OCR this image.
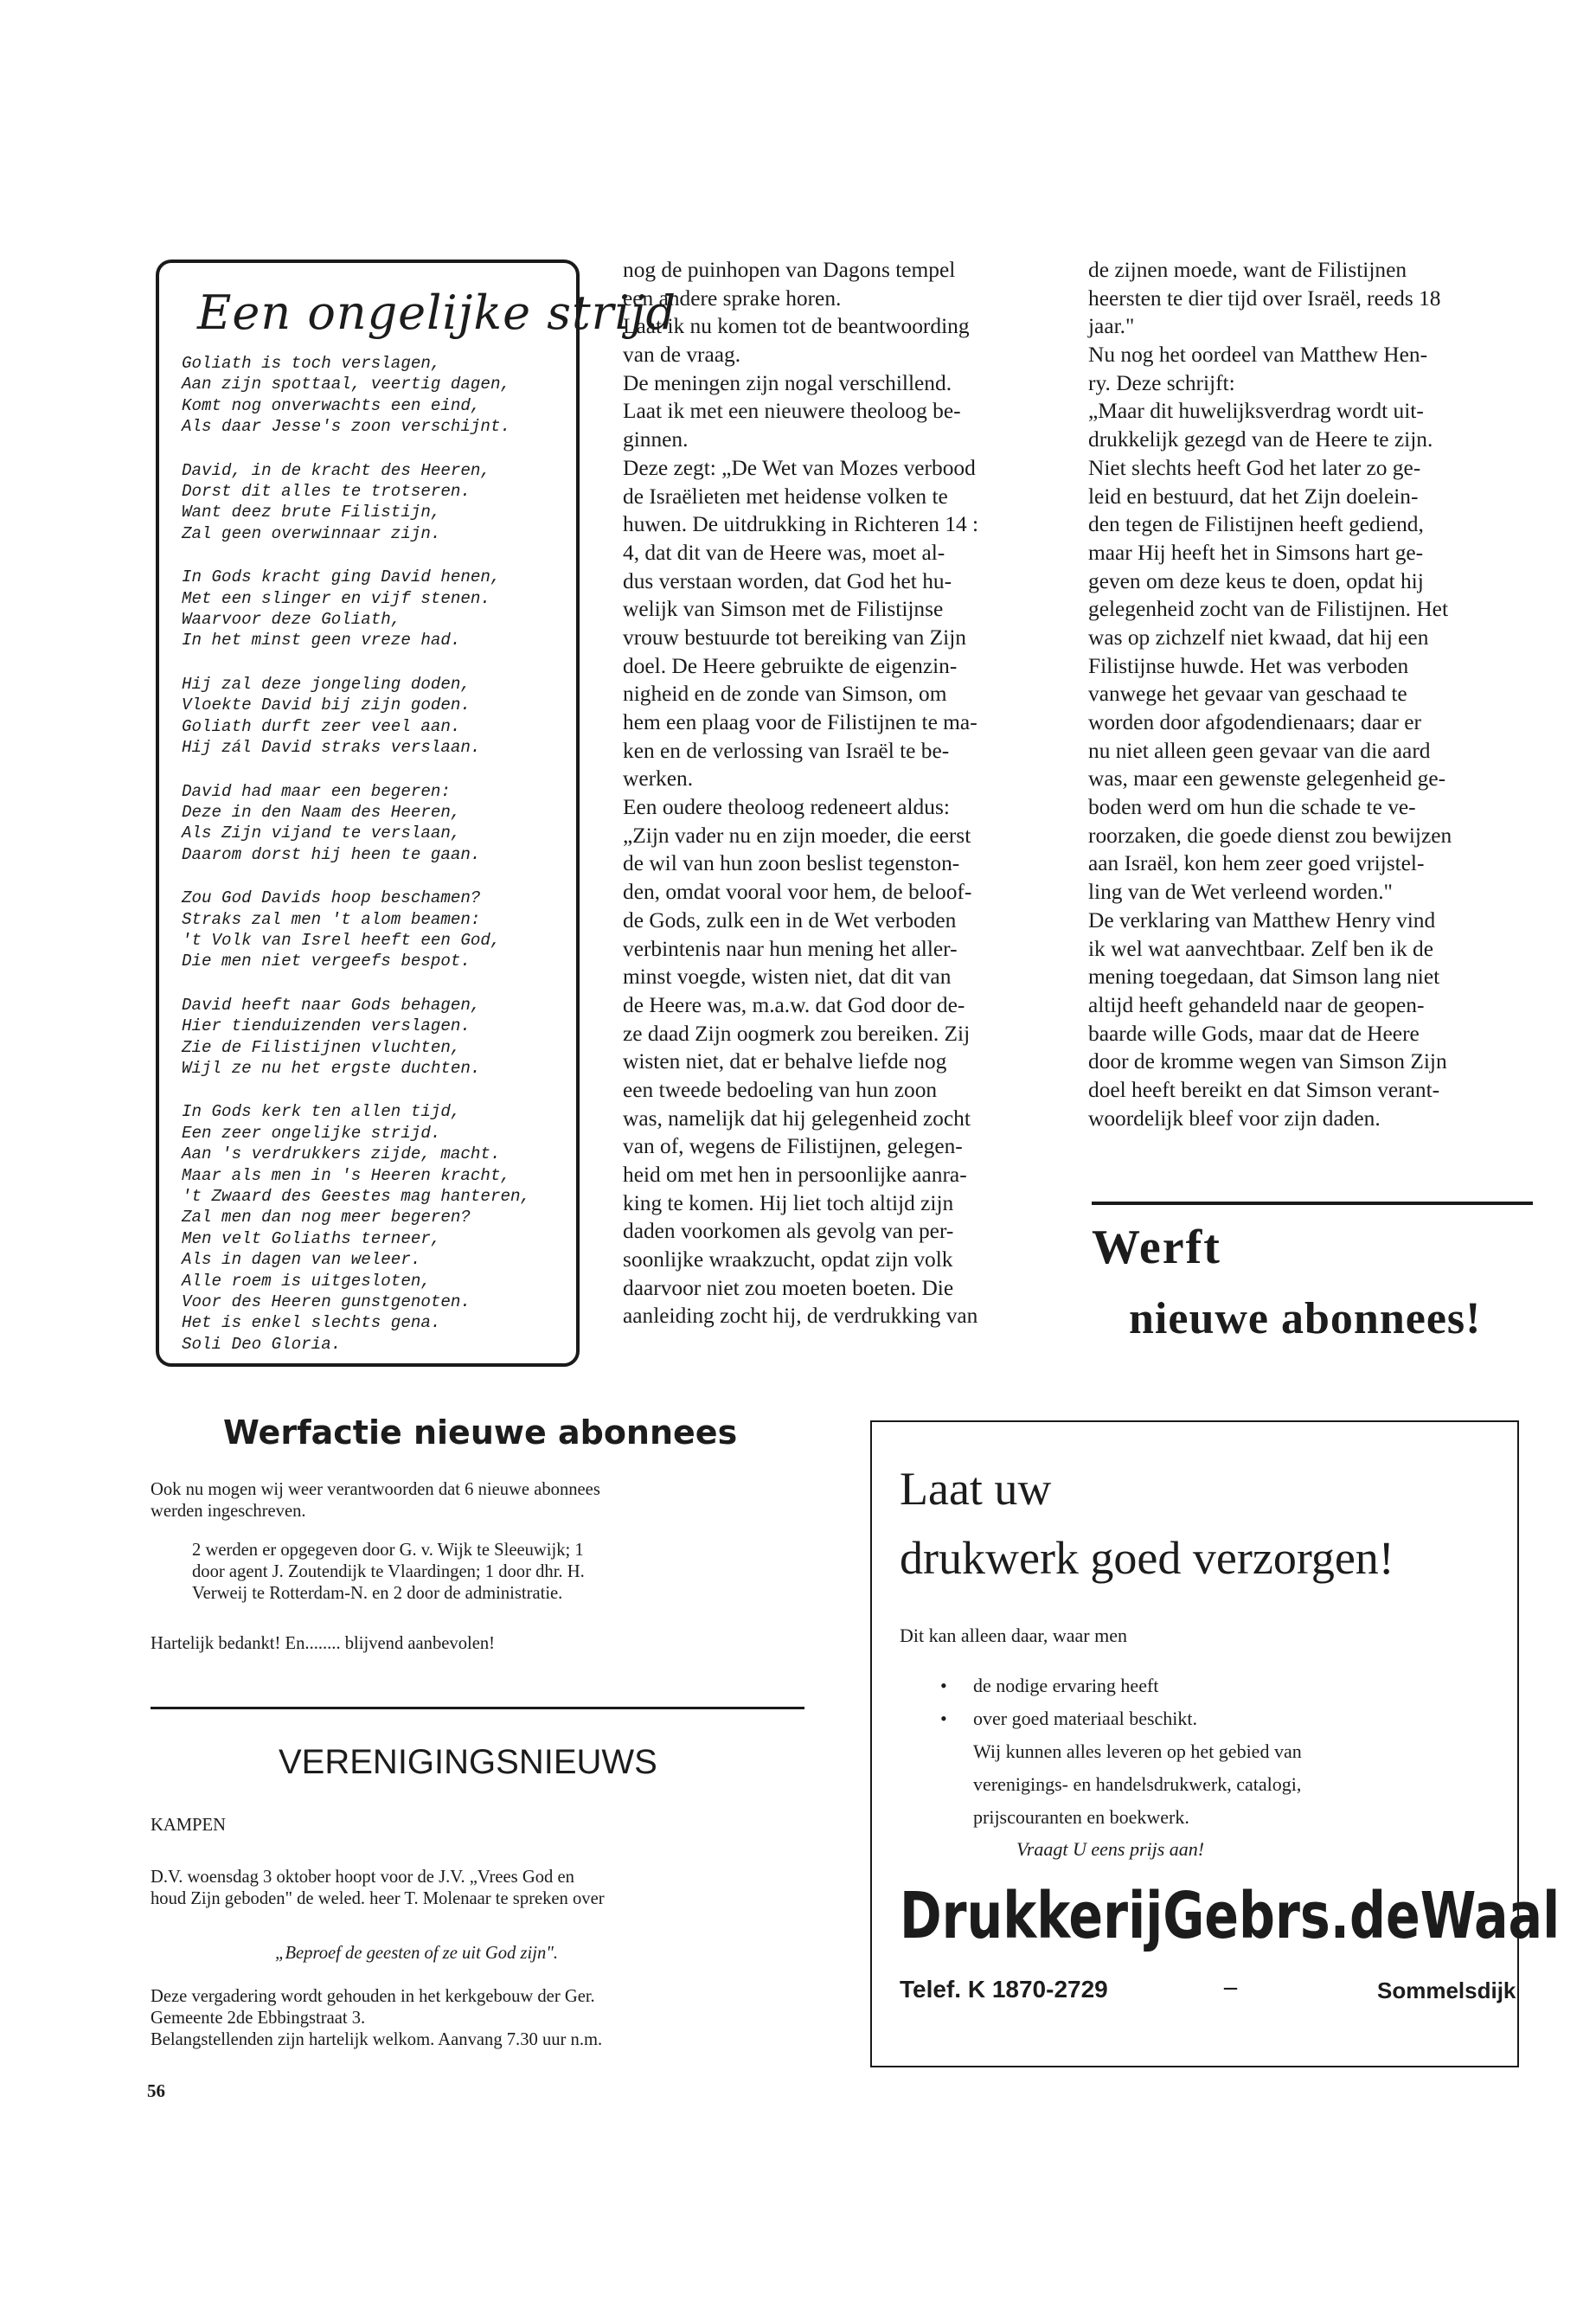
Een ongelijke strijd
Goliath is toch verslagen,
Aan zijn spottaal, veertig dagen,
Komt nog onverwachts een eind,
Als daar Jesse's zoon verschijnt.
David, in de kracht des Heeren,
Dorst dit alles te trotseren.
Want deez brute Filistijn,
Zal geen overwinnaar zijn.
In Gods kracht ging David henen,
Met een slinger en vijf stenen.
Waarvoor deze Goliath,
In het minst geen vreze had.
Hij zal deze jongeling doden,
Vloekte David bij zijn goden.
Goliath durft zeer veel aan.
Hij zál David straks verslaan.
David had maar een begeren:
Deze in den Naam des Heeren,
Als Zijn vijand te verslaan,
Daarom dorst hij heen te gaan.
Zou God Davids hoop beschamen?
Straks zal men 't alom beamen:
't Volk van Isrel heeft een God,
Die men niet vergeefs bespot.
David heeft naar Gods behagen,
Hier tienduizenden verslagen.
Zie de Filistijnen vluchten,
Wijl ze nu het ergste duchten.
In Gods kerk ten allen tijd,
Een zeer ongelijke strijd.
Aan 's verdrukkers zijde, macht.
Maar als men in 's Heeren kracht,
't Zwaard des Geestes mag hanteren,
Zal men dan nog meer begeren?
Men velt Goliaths terneer,
Als in dagen van weleer.
Alle roem is uitgesloten,
Voor des Heeren gunstgenoten.
Het is enkel slechts gena.
Soli Deo Gloria.
nog de puinhopen van Dagons tempel
een andere sprake horen.
Laat ik nu komen tot de beantwoording
van de vraag.
De meningen zijn nogal verschillend.
Laat ik met een nieuwere theoloog be-
ginnen.
Deze zegt: „De Wet van Mozes verbood
de Israëlieten met heidense volken te
huwen. De uitdrukking in Richteren 14 :
4, dat dit van de Heere was, moet al-
dus verstaan worden, dat God het hu-
welijk van Simson met de Filistijnse
vrouw bestuurde tot bereiking van Zijn
doel. De Heere gebruikte de eigenzin-
nigheid en de zonde van Simson, om
hem een plaag voor de Filistijnen te ma-
ken en de verlossing van Israël te be-
werken.
Een oudere theoloog redeneert aldus:
„Zijn vader nu en zijn moeder, die eerst
de wil van hun zoon beslist tegenston-
den, omdat vooral voor hem, de beloof-
de Gods, zulk een in de Wet verboden
verbintenis naar hun mening het aller-
minst voegde, wisten niet, dat dit van
de Heere was, m.a.w. dat God door de-
ze daad Zijn oogmerk zou bereiken. Zij
wisten niet, dat er behalve liefde nog
een tweede bedoeling van hun zoon
was, namelijk dat hij gelegenheid zocht
van of, wegens de Filistijnen, gelegen-
heid om met hen in persoonlijke aanra-
king te komen. Hij liet toch altijd zijn
daden voorkomen als gevolg van per-
soonlijke wraakzucht, opdat zijn volk
daarvoor niet zou moeten boeten. Die
aanleiding zocht hij, de verdrukking van
de zijnen moede, want de Filistijnen
heersten te dier tijd over Israël, reeds 18
jaar."
Nu nog het oordeel van Matthew Hen-
ry. Deze schrijft:
„Maar dit huwelijksverdrag wordt uit-
drukkelijk gezegd van de Heere te zijn.
Niet slechts heeft God het later zo ge-
leid en bestuurd, dat het Zijn doelein-
den tegen de Filistijnen heeft gediend,
maar Hij heeft het in Simsons hart ge-
geven om deze keus te doen, opdat hij
gelegenheid zocht van de Filistijnen. Het
was op zichzelf niet kwaad, dat hij een
Filistijnse huwde. Het was verboden
vanwege het gevaar van geschaad te
worden door afgodendienaars; daar er
nu niet alleen geen gevaar van die aard
was, maar een gewenste gelegenheid ge-
boden werd om hun die schade te ve-
roorzaken, die goede dienst zou bewijzen
aan Israël, kon hem zeer goed vrijstel-
ling van de Wet verleend worden."
De verklaring van Matthew Henry vind
ik wel wat aanvechtbaar. Zelf ben ik de
mening toegedaan, dat Simson lang niet
altijd heeft gehandeld naar de geopen-
baarde wille Gods, maar dat de Heere
door de kromme wegen van Simson Zijn
doel heeft bereikt en dat Simson verant-
woordelijk bleef voor zijn daden.
Werft
nieuwe abonnees!
Werfactie nieuwe abonnees
Ook nu mogen wij weer verantwoorden dat 6 nieuwe abonnees
werden ingeschreven.
2 werden er opgegeven door G. v. Wijk te Sleeuwijk; 1
door agent J. Zoutendijk te Vlaardingen; 1 door dhr. H.
Verweij te Rotterdam-N. en 2 door de administratie.
Hartelijk bedankt! En........ blijvend aanbevolen!
VERENIGINGSNIEUWS
KAMPEN
D.V. woensdag 3 oktober hoopt voor de J.V. „Vrees God en
houd Zijn geboden" de weled. heer T. Molenaar te spreken over
„Beproef de geesten of ze uit God zijn".
Deze vergadering wordt gehouden in het kerkgebouw der Ger.
Gemeente 2de Ebbingstraat 3.
Belangstellenden zijn hartelijk welkom. Aanvang 7.30 uur n.m.
56
Laat uw
drukwerk goed verzorgen!
Dit kan alleen daar, waar men
• de nodige ervaring heeft
• over goed materiaal beschikt.
Wij kunnen alles leveren op het gebied van
verenigings- en handelsdrukwerk, catalogi,
prijscouranten en boekwerk.
Vraagt U eens prijs aan!
Drukkerij Gebrs. de Waal
Telef. K 1870-2729	–	Sommelsdijk
